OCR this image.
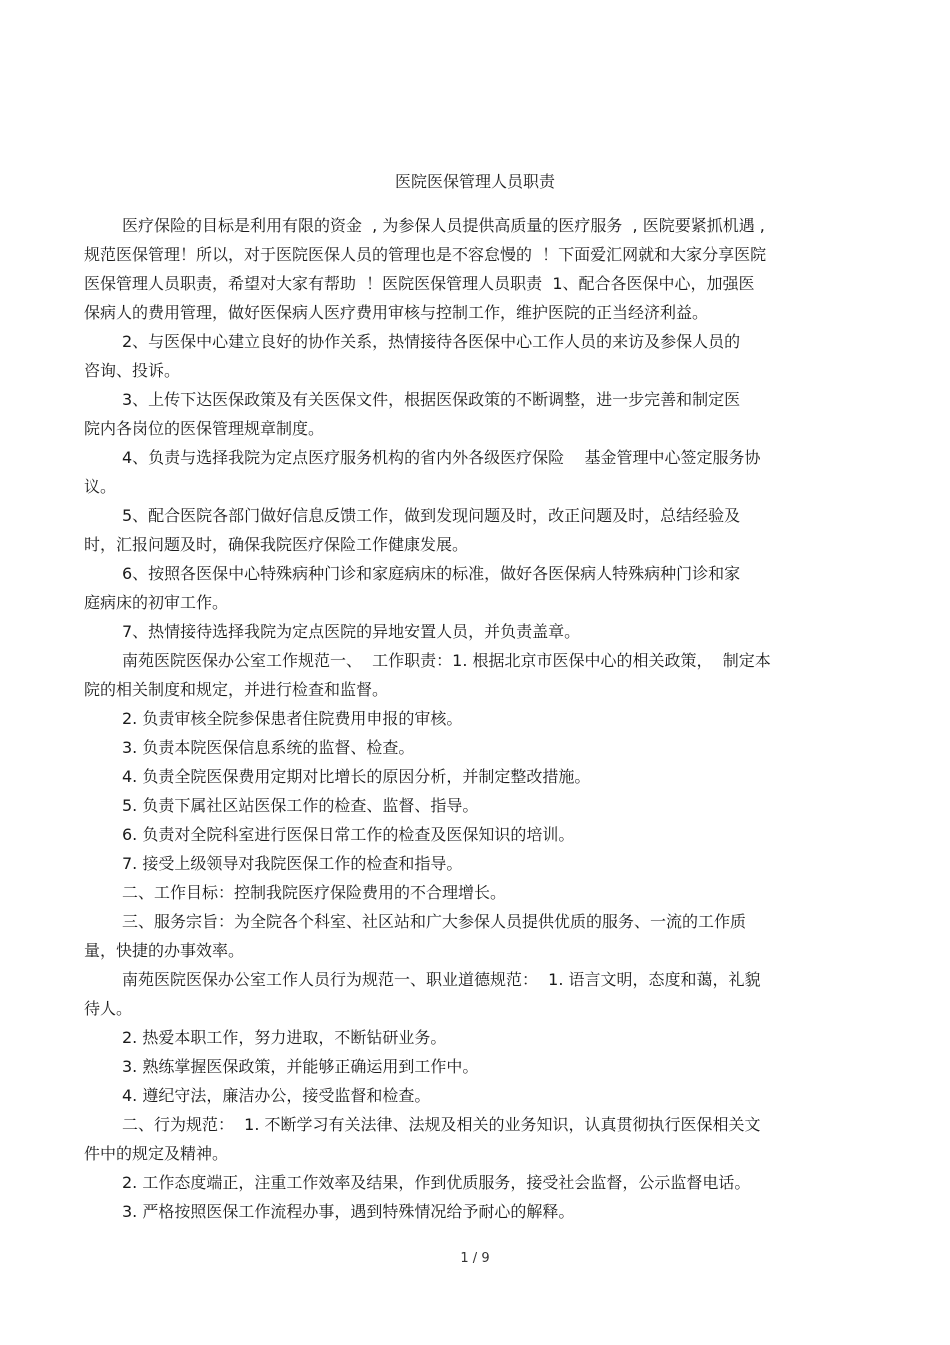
医院医保管理人员职责
医疗保险的目标是利用有限的资金  , 为参保人员提供高质量的医疗服务  , 医院要紧抓机遇 ,
规范医保管理！所以，对于医院医保人员的管理也是不容怠慢的  ！下面爱汇网就和大家分享医院
医保管理人员职责，希望对大家有帮助  ！医院医保管理人员职责  1、配合各医保中心，加强医
保病人的费用管理，做好医保病人医疗费用审核与控制工作，维护医院的正当经济利益。
2、与医保中心建立良好的协作关系，热情接待各医保中心工作人员的来访及参保人员的
咨询、投诉。
3、上传下达医保政策及有关医保文件，根据医保政策的不断调整，进一步完善和制定医
院内各岗位的医保管理规章制度。
4、负责与选择我院为定点医疗服务机构的省内外各级医疗保险    基金管理中心签定服务协
议。
5、配合医院各部门做好信息反馈工作，做到发现问题及时，改正问题及时，总结经验及
时，汇报问题及时，确保我院医疗保险工作健康发展。
6、按照各医保中心特殊病种门诊和家庭病床的标准，做好各医保病人特殊病种门诊和家
庭病床的初审工作。
7、热情接待选择我院为定点医院的异地安置人员，并负责盖章。
南苑医院医保办公室工作规范一、  工作职责：1. 根据北京市医保中心的相关政策，  制定本
院的相关制度和规定，并进行检查和监督。
2. 负责审核全院参保患者住院费用申报的审核。
3. 负责本院医保信息系统的监督、检查。
4. 负责全院医保费用定期对比增长的原因分析，并制定整改措施。
5. 负责下属社区站医保工作的检查、监督、指导。
6. 负责对全院科室进行医保日常工作的检查及医保知识的培训。
7. 接受上级领导对我院医保工作的检查和指导。
二、工作目标：控制我院医疗保险费用的不合理增长。
三、服务宗旨：为全院各个科室、社区站和广大参保人员提供优质的服务、一流的工作质
量，快捷的办事效率。
南苑医院医保办公室工作人员行为规范一、职业道德规范：  1. 语言文明，态度和蔼，礼貌
待人。
2. 热爱本职工作，努力进取，不断钻研业务。
3. 熟练掌握医保政策，并能够正确运用到工作中。
4. 遵纪守法，廉洁办公，接受监督和检查。
二、行为规范：  1. 不断学习有关法律、法规及相关的业务知识，认真贯彻执行医保相关文
件中的规定及精神。
2. 工作态度端正，注重工作效率及结果，作到优质服务，接受社会监督，公示监督电话。
3. 严格按照医保工作流程办事，遇到特殊情况给予耐心的解释。
1 / 9
